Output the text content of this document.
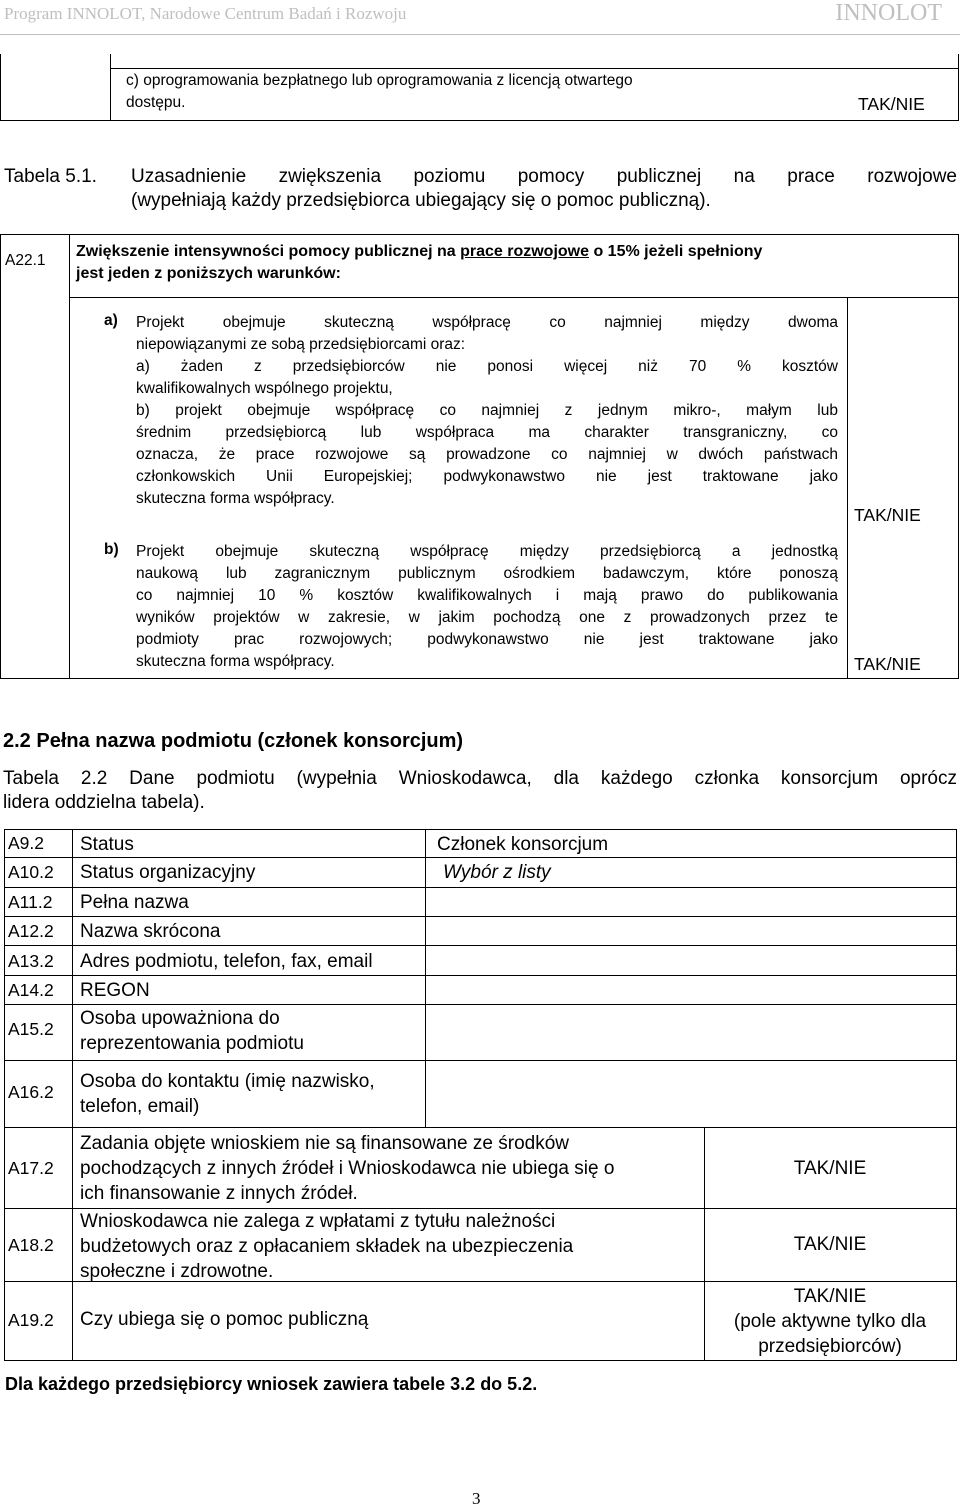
Program INNOLOT, Narodowe Centrum Badań i Rozwoju	INNOLOT
c) oprogramowania bezpłatnego lub oprogramowania z licencją otwartego
dostępu.	TAK/NIE
Tabela 5.1. Uzasadnienie zwiększenia poziomu pomocy publicznej na prace rozwojowe
(wypełniają każdy przedsiębiorca ubiegający się o pomoc publiczną).
A22.1
Zwiększenie intensywności pomocy publicznej na prace rozwojowe o 15% jeżeli spełniony
jest jeden z poniższych warunków:
a) Projekt obejmuje skuteczną współpracę co najmniej między dwoma
niepowiązanymi ze sobą przedsiębiorcami oraz:
a) żaden z przedsiębiorców nie ponosi więcej niż 70 % kosztów
kwalifikowalnych wspólnego projektu,
b) projekt obejmuje współpracę co najmniej z jednym mikro-, małym lub
średnim przedsiębiorcą lub współpraca ma charakter transgraniczny, co
oznacza, że prace rozwojowe są prowadzone co najmniej w dwóch państwach
członkowskich Unii Europejskiej; podwykonawstwo nie jest traktowane jako
skuteczna forma współpracy.
TAK/NIE
b) Projekt obejmuje skuteczną współpracę między przedsiębiorcą a jednostką
naukową lub zagranicznym publicznym ośrodkiem badawczym, które ponoszą
co najmniej 10 % kosztów kwalifikowalnych i mają prawo do publikowania
wyników projektów w zakresie, w jakim pochodzą one z prowadzonych przez te
podmioty prac rozwojowych; podwykonawstwo nie jest traktowane jako
skuteczna forma współpracy.	TAK/NIE
2.2 Pełna nazwa podmiotu (członek konsorcjum)
Tabela 2.2 Dane podmiotu (wypełnia Wnioskodawca, dla każdego członka konsorcjum oprócz
lidera oddzielna tabela).
A9.2 Status	Członek konsorcjum
A10.2 Status organizacyjny	Wybór z listy
A11.2 Pełna nazwa
A12.2 Nazwa skrócona
A13.2 Adres podmiotu, telefon, fax, email
A14.2 REGON
A15.2 Osoba upoważniona do
reprezentowania podmiotu
A16.2 Osoba do kontaktu (imię nazwisko,
telefon, email)
A17.2
Zadania objęte wnioskiem nie są finansowane ze środków
pochodzących z innych źródeł i Wnioskodawca nie ubiega się o
ich finansowanie z innych źródeł.
TAK/NIE
A18.2
Wnioskodawca nie zalega z wpłatami z tytułu należności
budżetowych oraz z opłacaniem składek na ubezpieczenia
społeczne i zdrowotne.
TAK/NIE
A19.2 Czy ubiega się o pomoc publiczną
TAK/NIE
(pole aktywne tylko dla
przedsiębiorców)
Dla każdego przedsiębiorcy wniosek zawiera tabele 3.2 do 5.2.
3
